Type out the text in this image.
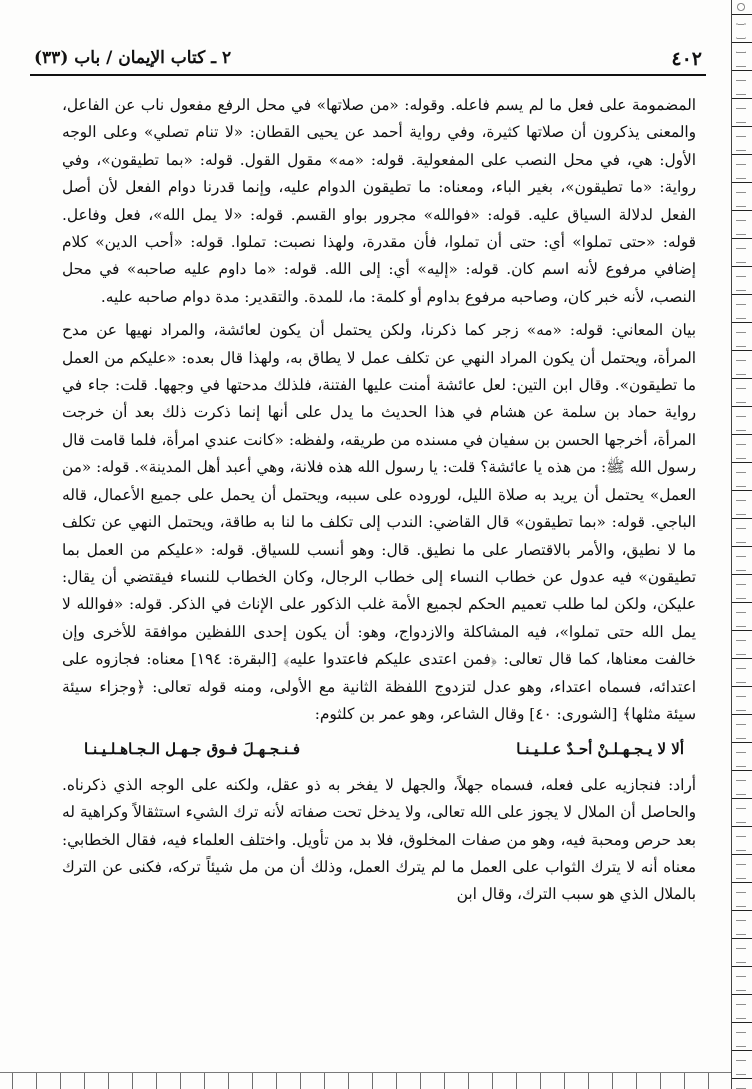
٤٠٢
٢ ـ كتاب الإيمان / باب (٣٣)

المضمومة على فعل ما لم يسم فاعله. وقوله: «من صلاتها» في محل الرفع مفعول ناب عن الفاعل، والمعنى يذكرون أن صلاتها كثيرة، وفي رواية أحمد عن يحيى القطان: «لا تنام تصلي» وعلى الوجه الأول: هي، في محل النصب على المفعولية. قوله: «مه» مقول القول. قوله: «بما تطيقون»، وفي رواية: «ما تطيقون»، بغير الباء، ومعناه: ما تطيقون الدوام عليه، وإنما قدرنا دوام الفعل لأن أصل الفعل لدلالة السياق عليه. قوله: «فوالله» مجرور بواو القسم. قوله: «لا يمل الله»، فعل وفاعل. قوله: «حتى تملوا» أي: حتى أن تملوا، فأن مقدرة، ولهذا نصبت: تملوا. قوله: «أحب الدين» كلام إضافي مرفوع لأنه اسم كان. قوله: «إليه» أي: إلى الله. قوله: «ما داوم عليه صاحبه» في محل النصب، لأنه خبر كان، وصاحبه مرفوع بداوم أو كلمة: ما، للمدة. والتقدير: مدة دوام صاحبه عليه.

بيان المعاني: قوله: «مه» زجر كما ذكرنا، ولكن يحتمل أن يكون لعائشة، والمراد نهيها عن مدح المرأة، ويحتمل أن يكون المراد النهي عن تكلف عمل لا يطاق به، ولهذا قال بعده: «عليكم من العمل ما تطيقون». وقال ابن التين: لعل عائشة أمنت عليها الفتنة، فلذلك مدحتها في وجهها. قلت: جاء في رواية حماد بن سلمة عن هشام في هذا الحديث ما يدل على أنها إنما ذكرت ذلك بعد أن خرجت المرأة، أخرجها الحسن بن سفيان في مسنده من طريقه، ولفظه: «كانت عندي امرأة، فلما قامت قال رسول الله ﷺ: من هذه يا عائشة؟ قلت: يا رسول الله هذه فلانة، وهي أعبد أهل المدينة». قوله: «من العمل» يحتمل أن يريد به صلاة الليل، لوروده على سببه، ويحتمل أن يحمل على جميع الأعمال، قاله الباجي. قوله: «بما تطيقون» قال القاضي: الندب إلى تكلف ما لنا به طاقة، ويحتمل النهي عن تكلف ما لا نطيق، والأمر بالاقتصار على ما نطيق. قال: وهو أنسب للسياق. قوله: «عليكم من العمل بما تطيقون» فيه عدول عن خطاب النساء إلى خطاب الرجال، وكان الخطاب للنساء فيقتضي أن يقال: عليكن، ولكن لما طلب تعميم الحكم لجميع الأمة غلب الذكور على الإناث في الذكر. قوله: «فوالله لا يمل الله حتى تملوا»، فيه المشاكلة والازدواج، وهو: أن يكون إحدى اللفظين موافقة للأخرى وإن خالفت معناها، كما قال تعالى: ﴿فمن اعتدى عليكم فاعتدوا عليه﴾ [البقرة: ١٩٤] معناه: فجازوه على اعتدائه، فسماه اعتداء، وهو عدل لتزدوج اللفظة الثانية مع الأولى، ومنه قوله تعالى: ﴿وجزاء سيئة سيئة مثلها﴾ [الشورى: ٤٠] وقال الشاعر، وهو عمر بن كلثوم:

ألا لا يـجـهـلـنْ أحـدٌ عـلـيـنـا
فـنـجـهـلَ فـوق جـهـل الـجـاهـلـيـنـا

أراد: فنجازيه على فعله، فسماه جهلاً، والجهل لا يفخر به ذو عقل، ولكنه على الوجه الذي ذكرناه. والحاصل أن الملال لا يجوز على الله تعالى، ولا يدخل تحت صفاته لأنه ترك الشيء استثقالاً وكراهية له بعد حرص ومحبة فيه، وهو من صفات المخلوق، فلا بد من تأويل. واختلف العلماء فيه، فقال الخطابي: معناه أنه لا يترك الثواب على العمل ما لم يترك العمل، وذلك أن من مل شيئاً تركه، فكنى عن الترك بالملال الذي هو سبب الترك، وقال ابن
